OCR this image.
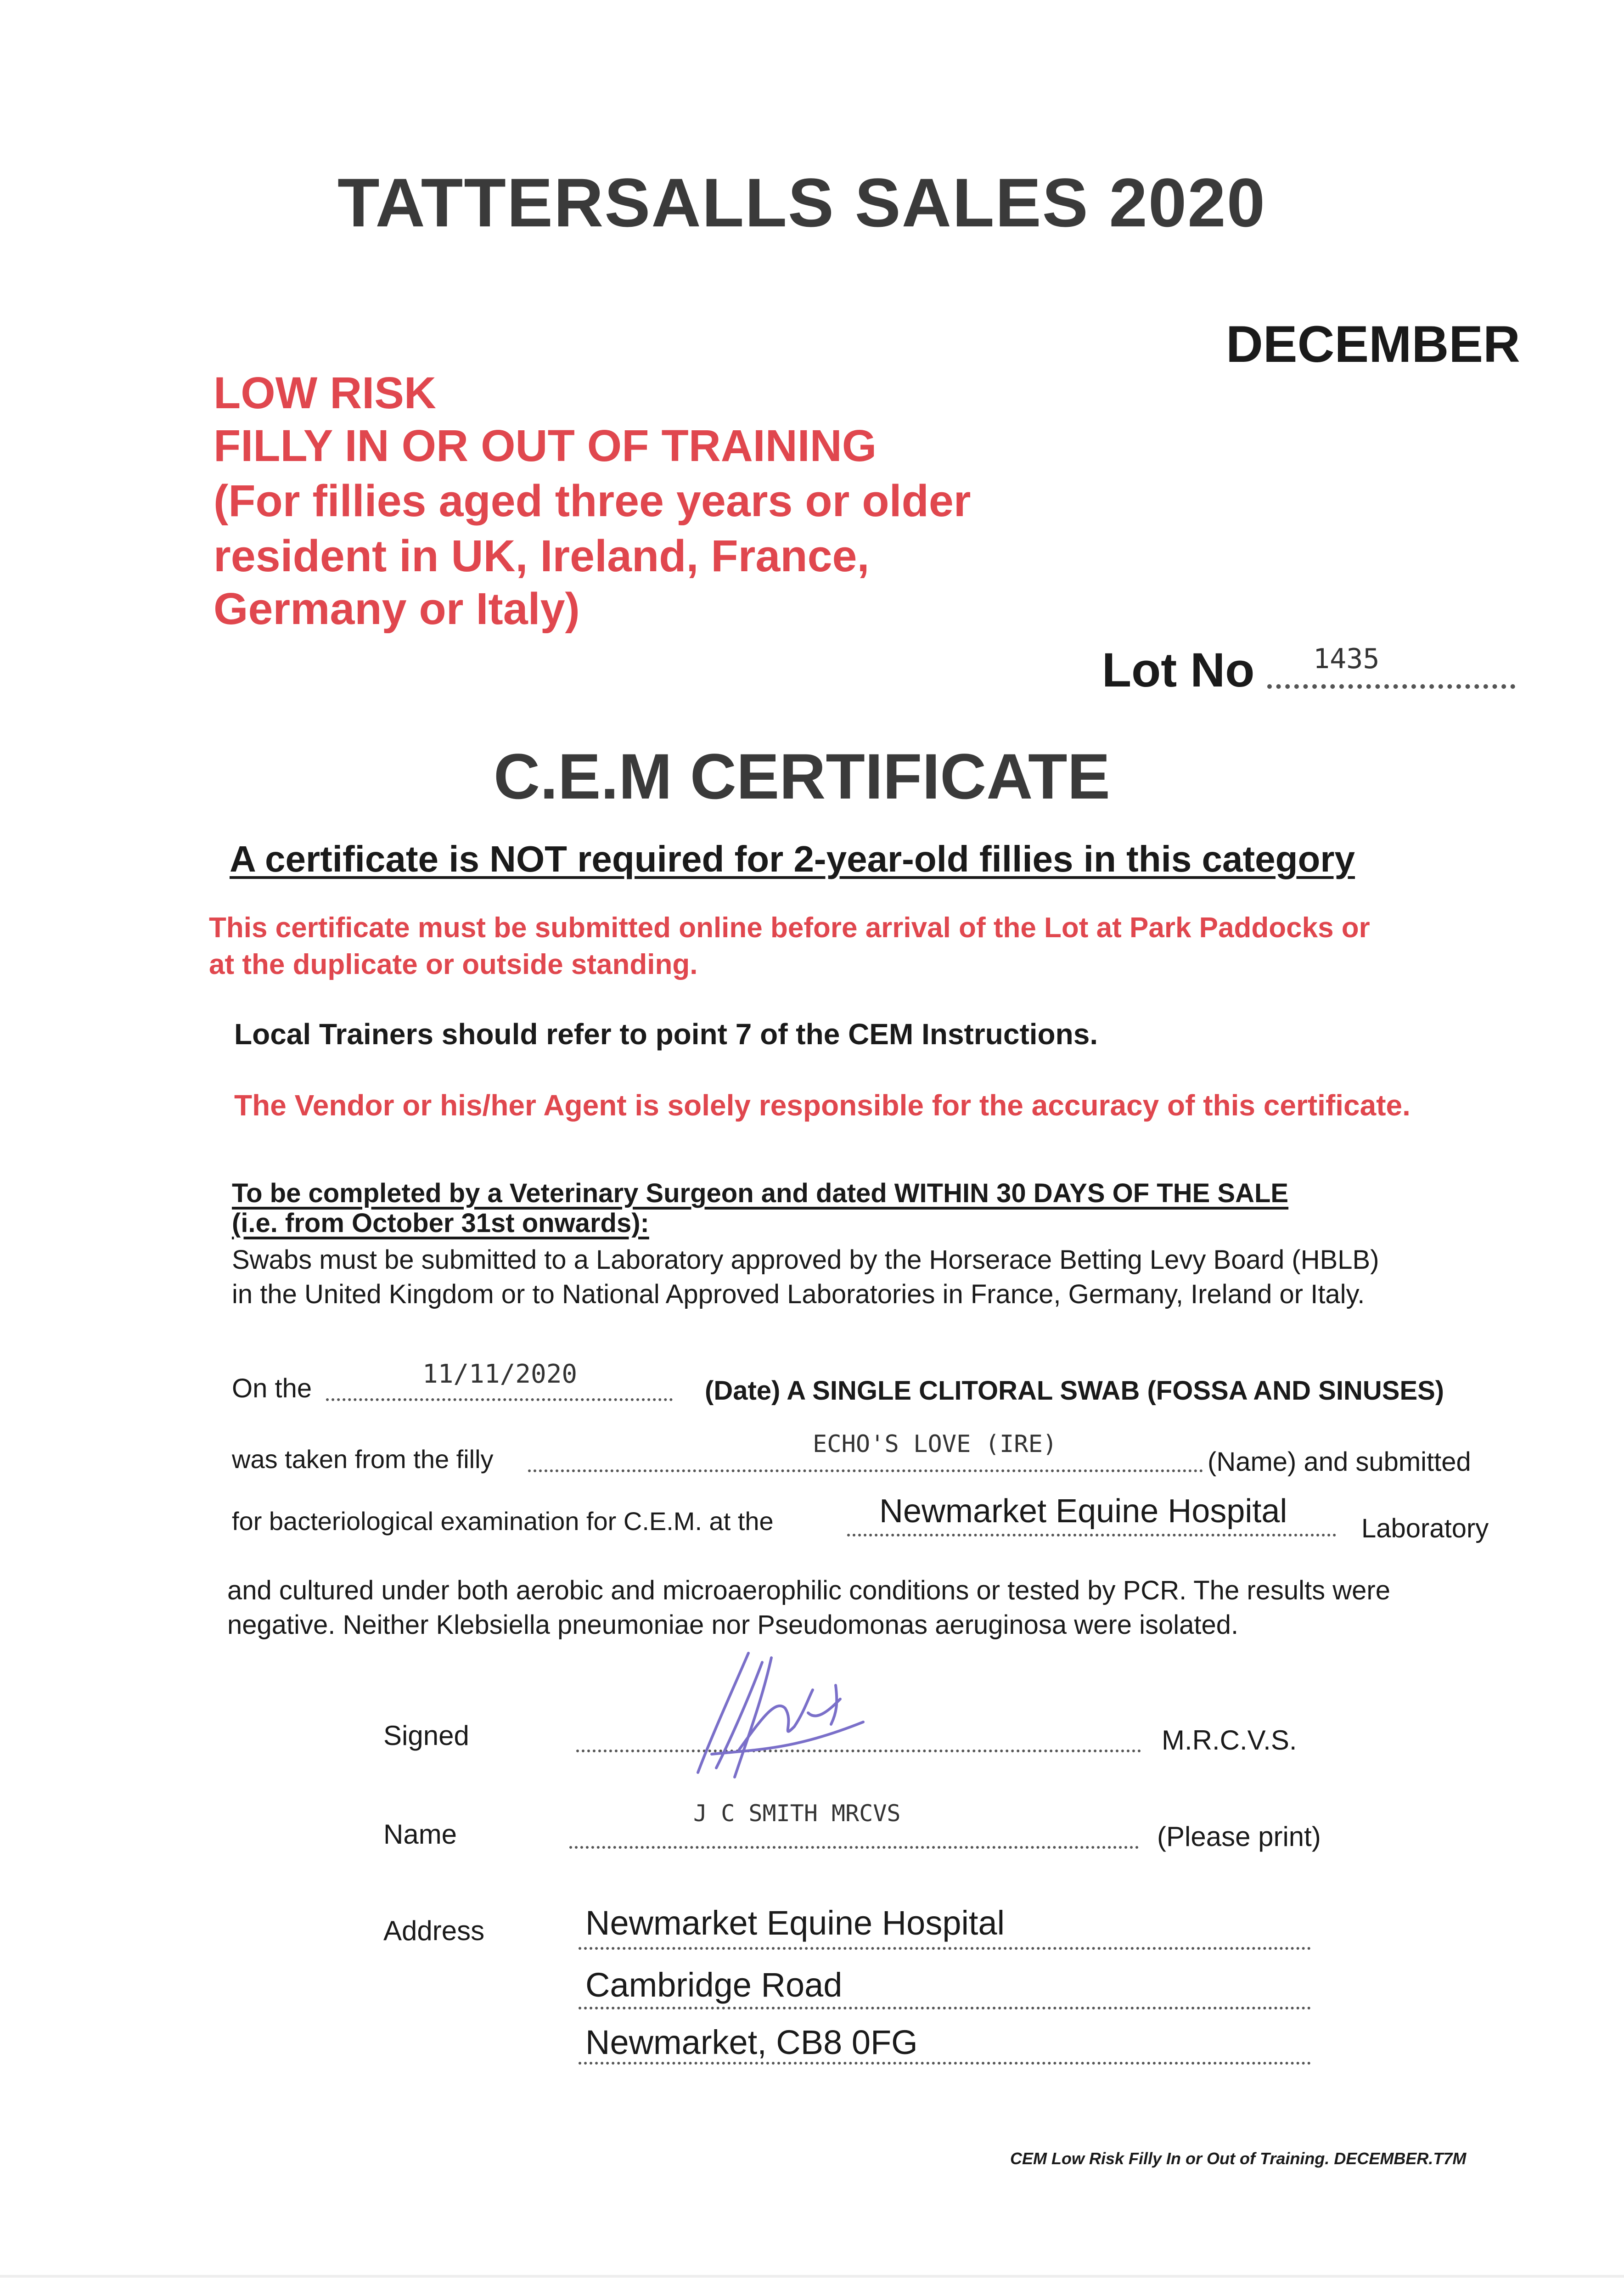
TATTERSALLS SALES 2020
DECEMBER
LOW RISK
FILLY IN OR OUT OF TRAINING
(For fillies aged three years or older
resident in UK, Ireland, France,
Germany or Italy)
Lot No 1435
C.E.M CERTIFICATE
A certificate is NOT required for 2-year-old fillies in this category
This certificate must be submitted online before arrival of the Lot at Park Paddocks or
at the duplicate or outside standing.
Local Trainers should refer to point 7 of the CEM Instructions.
The Vendor or his/her Agent is solely responsible for the accuracy of this certificate.
To be completed by a Veterinary Surgeon and dated WITHIN 30 DAYS OF THE SALE
(i.e. from October 31st onwards):
Swabs must be submitted to a Laboratory approved by the Horserace Betting Levy Board (HBLB)
in the United Kingdom or to National Approved Laboratories in France, Germany, Ireland or Italy.
On the	11/11/2020
(Date) A SINGLE CLITORAL SWAB (FOSSA AND SINUSES)
was taken from the filly
ECHO'S LOVE (IRE)
(Name) and submitted
for bacteriological examination for C.E.M. at the	Newmarket Equine Hospital	Laboratory
and cultured under both aerobic and microaerophilic conditions or tested by PCR. The results were
negative. Neither Klebsiella pneumoniae nor Pseudomonas aeruginosa were isolated.
Signed	M.R.C.V.S.
Name
J C SMITH MRCVS
(Please print)
Address	Newmarket Equine Hospital
Cambridge Road
Newmarket, CB8 0FG
CEM Low Risk Filly In or Out of Training. DECEMBER.T7M
